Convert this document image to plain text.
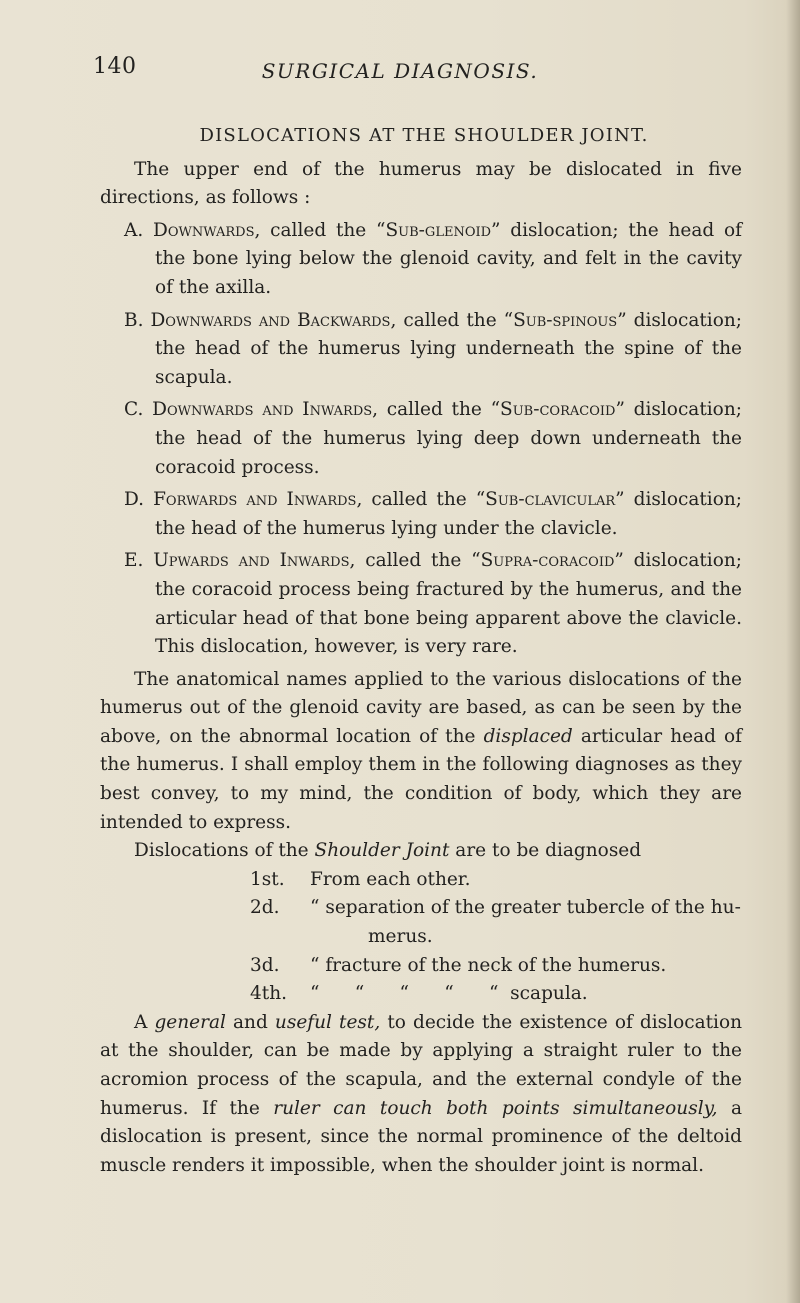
140	SURGICAL DIAGNOSIS.
DISLOCATIONS AT THE SHOULDER JOINT.

The upper end of the humerus may be dislocated in five directions, as follows :

A. Downwards, called the “Sub-glenoid” dislocation; the head of the bone lying below the glenoid cavity, and felt in the cavity of the axilla.

B. Downwards and Backwards, called the “Sub-spinous” dislocation; the head of the humerus lying underneath the spine of the scapula.

C. Downwards and Inwards, called the “Sub-coracoid” dislocation; the head of the humerus lying deep down underneath the coracoid process.

D. Forwards and Inwards, called the “Sub-clavicular” dislocation; the head of the humerus lying under the clavicle.

E. Upwards and Inwards, called the “Supra-coracoid” dislocation; the coracoid process being fractured by the humerus, and the articular head of that bone being apparent above the clavicle. This dislocation, however, is very rare.

The anatomical names applied to the various dislocations of the humerus out of the glenoid cavity are based, as can be seen by the above, on the abnormal location of the displaced articular head of the humerus. I shall employ them in the following diagnoses as they best convey, to my mind, the condition of body, which they are intended to express.

Dislocations of the Shoulder Joint are to be diagnosed

1st. From each other.
2d. “ separation of the greater tubercle of the hu-
merus.
3d. “ fracture of the neck of the humerus.
4th. “      “      “      “      “  scapula.

A general and useful test, to decide the existence of dislocation at the shoulder, can be made by applying a straight ruler to the acromion process of the scapula, and the external condyle of the humerus. If the ruler can touch both points simultaneously, a dislocation is present, since the normal prominence of the deltoid muscle renders it impossible, when the shoulder joint is normal.
